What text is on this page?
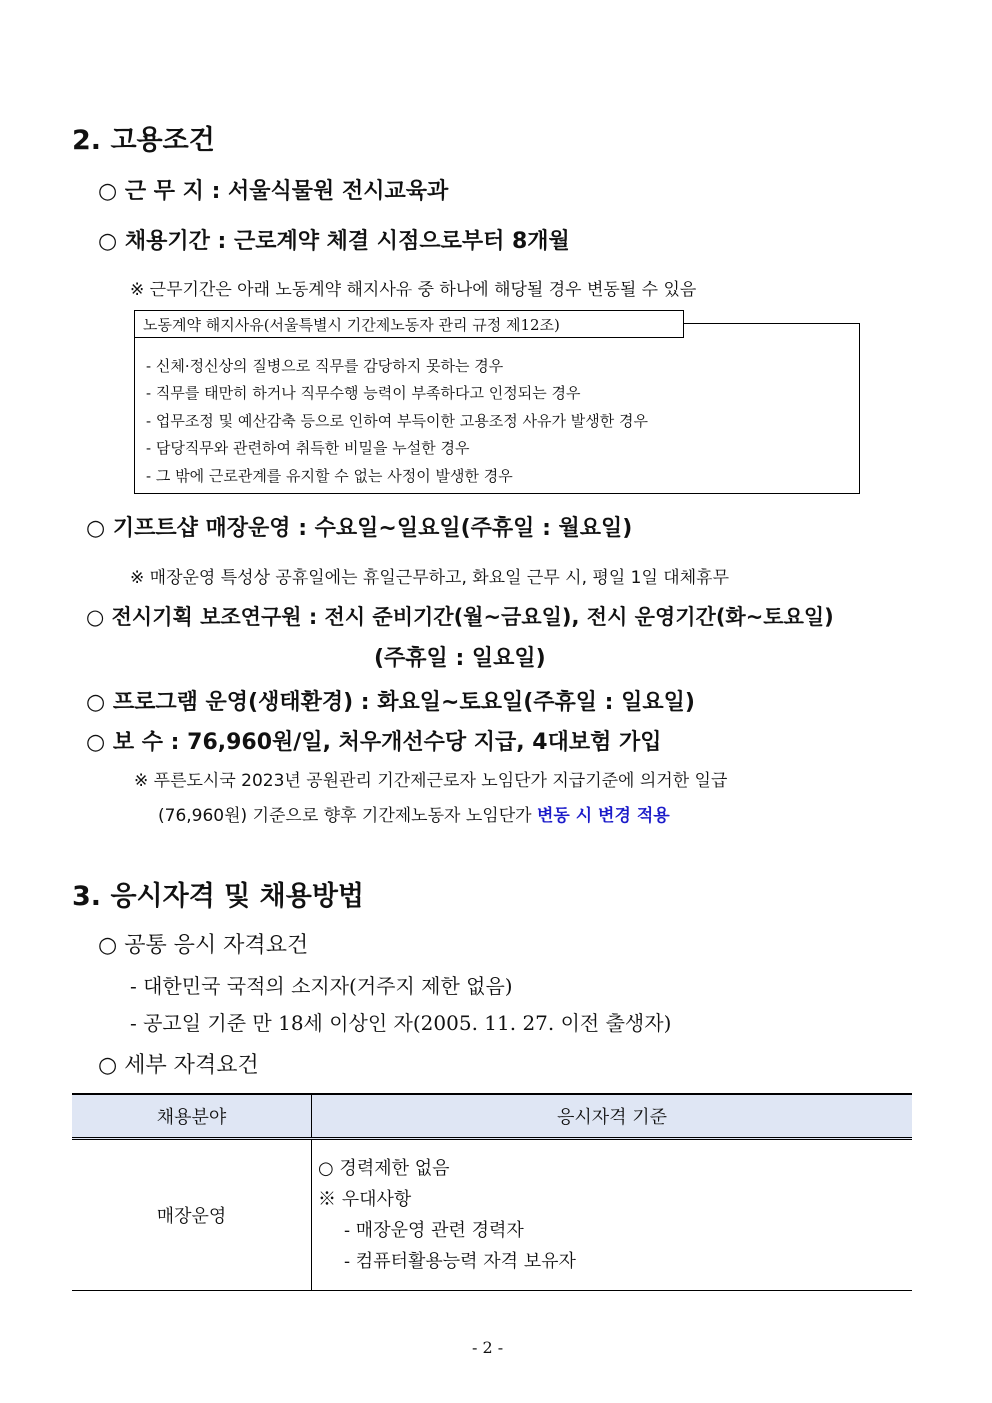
2. 고용조건
○ 근 무 지 : 서울식물원 전시교육과
○ 채용기간 : 근로계약 체결 시점으로부터 8개월
※ 근무기간은 아래 노동계약 해지사유 중 하나에 해당될 경우 변동될 수 있음
노동계약 해지사유(서울특별시 기간제노동자 관리 규정 제12조)
- 신체·정신상의 질병으로 직무를 감당하지 못하는 경우
- 직무를 태만히 하거나 직무수행 능력이 부족하다고 인정되는 경우
- 업무조정 및 예산감축 등으로 인하여 부득이한 고용조정 사유가 발생한 경우
- 담당직무와 관련하여 취득한 비밀을 누설한 경우
- 그 밖에 근로관계를 유지할 수 없는 사정이 발생한 경우
○ 기프트샵 매장운영 : 수요일~일요일(주휴일 : 월요일)
※ 매장운영 특성상 공휴일에는 휴일근무하고, 화요일 근무 시, 평일 1일 대체휴무
○ 전시기획 보조연구원 : 전시 준비기간(월~금요일), 전시 운영기간(화~토요일)
(주휴일 : 일요일)
○ 프로그램 운영(생태환경) : 화요일~토요일(주휴일 : 일요일)
○ 보 수 : 76,960원/일, 처우개선수당 지급, 4대보험 가입
※ 푸른도시국 2023년 공원관리 기간제근로자 노임단가 지급기준에 의거한 일급
(76,960원) 기준으로 향후 기간제노동자 노임단가 변동 시 변경 적용
3. 응시자격 및 채용방법
○ 공통 응시 자격요건
- 대한민국 국적의 소지자(거주지 제한 없음)
- 공고일 기준 만 18세 이상인 자(2005. 11. 27. 이전 출생자)
○ 세부 자격요건
채용분야	응시자격 기준
매장운영	○ 경력제한 없음
※ 우대사항
- 매장운영 관련 경력자
- 컴퓨터활용능력 자격 보유자
- 2 -
